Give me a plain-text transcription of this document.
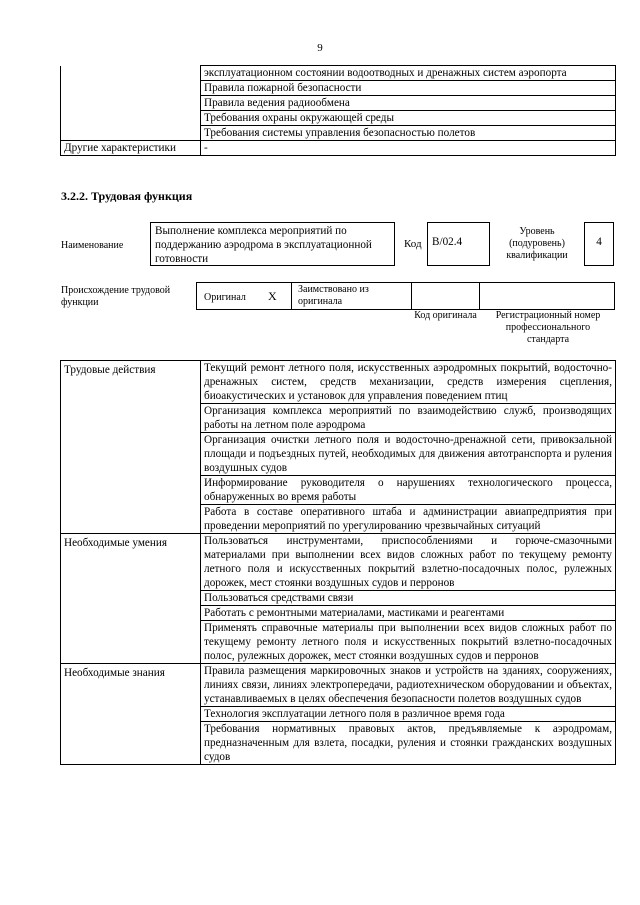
9
	эксплуатационном состоянии водоотводных и дренажных систем аэропорта
	Правила пожарной безопасности
	Правила ведения радиообмена
	Требования охраны окружающей среды
	Требования системы управления безопасностью полетов
Другие характеристики	-
3.2.2. Трудовая функция
Наименование
Выполнение комплекса мероприятий по поддержанию аэродрома в эксплуатационной готовности
Код В/02.4
Уровень (подуровень) квалификации
4
Происхождение трудовой функции	Оригинал X	Заимствовано из оригинала
Код оригинала	Регистрационный номер профессионального стандарта
Трудовые действия	Текущий ремонт летного поля, искусственных аэродромных покрытий, водосточно-дренажных систем, средств механизации, средств измерения сцепления, биоакустических и установок для управления поведением птиц
	Организация комплекса мероприятий по взаимодействию служб, производящих работы на летном поле аэродрома
	Организация очистки летного поля и водосточно-дренажной сети, привокзальной площади и подъездных путей, необходимых для движения автотранспорта и руления воздушных судов
	Информирование руководителя о нарушениях технологического процесса, обнаруженных во время работы
	Работа в составе оперативного штаба и администрации авиапредприятия при проведении мероприятий по урегулированию чрезвычайных ситуаций
Необходимые умения	Пользоваться инструментами, приспособлениями и горюче-смазочными материалами при выполнении всех видов сложных работ по текущему ремонту летного поля и искусственных покрытий взлетно-посадочных полос, рулежных дорожек, мест стоянки воздушных судов и перронов
	Пользоваться средствами связи
	Работать с ремонтными материалами, мастиками и реагентами
	Применять справочные материалы при выполнении всех видов сложных работ по текущему ремонту летного поля и искусственных покрытий взлетно-посадочных полос, рулежных дорожек, мест стоянки воздушных судов и перронов
Необходимые знания	Правила размещения маркировочных знаков и устройств на зданиях, сооружениях, линиях связи, линиях электропередачи, радиотехническом оборудовании и объектах, устанавливаемых в целях обеспечения безопасности полетов воздушных судов
	Технология эксплуатации летного поля в различное время года
	Требования нормативных правовых актов, предъявляемые к аэродромам, предназначенным для взлета, посадки, руления и стоянки гражданских воздушных судов
